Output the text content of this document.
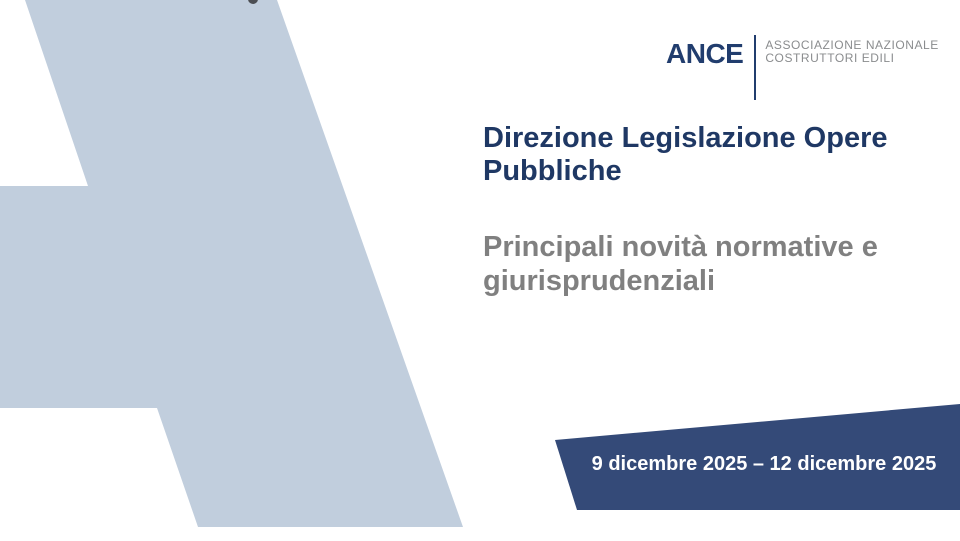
ANCE ASSOCIAZIONE NAZIONALE
COSTRUTTORI EDILI
Direzione Legislazione Opere
Pubbliche
Principali novità normative e
giurisprudenziali
9 dicembre 2025 – 12 dicembre 2025
